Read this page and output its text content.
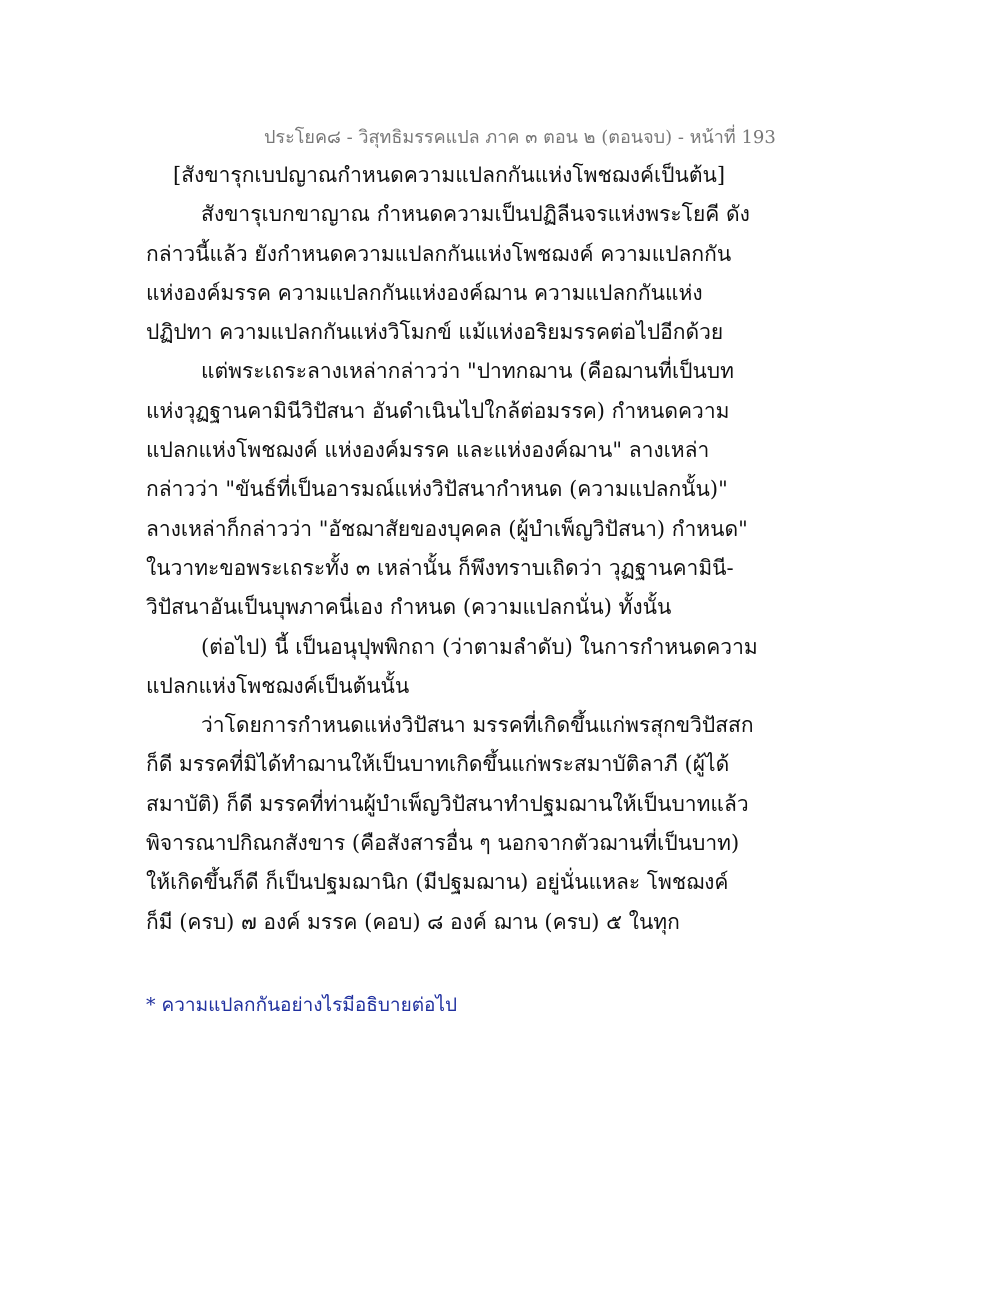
ประโยค๘ - วิสุทธิมรรคแปล ภาค ๓ ตอน ๒ (ตอนจบ) - หน้าที่ 193
[สังขารุกเบปญาณกำหนดความแปลกกันแห่งโพชฌงค์เป็นต้น]
สังขารุเบกขาญาณ กำหนดความเป็นปฏิลีนจรแห่งพระโยคี ดัง
กล่าวนี้แล้ว ยังกำหนดความแปลกกันแห่งโพชฌงค์ ความแปลกกัน
แห่งองค์มรรค ความแปลกกันแห่งองค์ฌาน ความแปลกกันแห่ง
ปฏิปทา ความแปลกกันแห่งวิโมกข์ แม้แห่งอริยมรรคต่อไปอีกด้วย
แต่พระเถระลางเหล่ากล่าวว่า "ปาทกฌาน (คือฌานที่เป็นบท
แห่งวุฏฐานคามินีวิปัสนา อันดำเนินไปใกล้ต่อมรรค) กำหนดความ
แปลกแห่งโพชฌงค์ แห่งองค์มรรค และแห่งองค์ฌาน" ลางเหล่า
กล่าวว่า "ขันธ์ที่เป็นอารมณ์แห่งวิปัสนากำหนด (ความแปลกนั้น)"
ลางเหล่าก็กล่าวว่า "อัชฌาสัยของบุคคล (ผู้บำเพ็ญวิปัสนา) กำหนด"
ในวาทะขอพระเถระทั้ง ๓ เหล่านั้น ก็พึงทราบเถิดว่า วุฏฐานคามินี-
วิปัสนาอันเป็นบุพภาคนี่เอง กำหนด (ความแปลกนั่น) ทั้งนั้น
(ต่อไป) นี้ เป็นอนุปุพพิกถา (ว่าตามลำดับ) ในการกำหนดความ
แปลกแห่งโพชฌงค์เป็นต้นนั้น
ว่าโดยการกำหนดแห่งวิปัสนา มรรคที่เกิดขึ้นแก่พรสุกขวิปัสสก
ก็ดี มรรคที่มิได้ทำฌานให้เป็นบาทเกิดขึ้นแก่พระสมาบัติลาภี (ผู้ได้
สมาบัติ) ก็ดี มรรคที่ท่านผู้บำเพ็ญวิปัสนาทำปฐมฌานให้เป็นบาทแล้ว
พิจารณาปกิณกสังขาร (คือสังสารอื่น ๆ นอกจากตัวฌานที่เป็นบาท)
ให้เกิดขึ้นก็ดี ก็เป็นปฐมฌานิก (มีปฐมฌาน) อยู่นั่นแหละ โพชฌงค์
ก็มี (ครบ) ๗ องค์ มรรค (คอบ) ๘ องค์ ฌาน (ครบ) ๕ ในทุก
* ความแปลกกันอย่างไรมีอธิบายต่อไป
